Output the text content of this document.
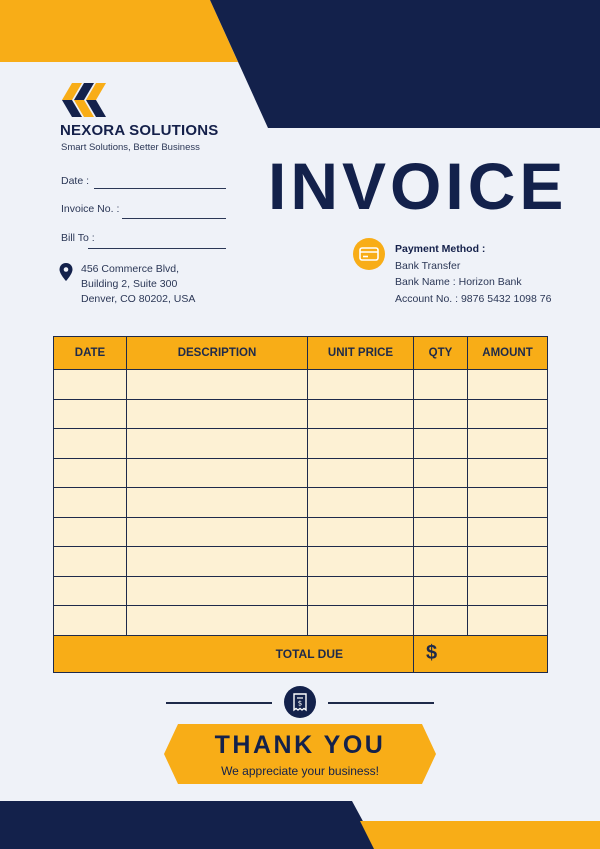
NEXORA SOLUTIONS
Smart Solutions, Better Business
Date :
Invoice No. :
Bill To :
456 Commerce Blvd,
Building 2, Suite 300
Denver, CO 80202, USA
INVOICE
Payment Method :
Bank Transfer
Bank Name : Horizon Bank
Account No. : 9876 5432 1098 76
DATE	DESCRIPTION	UNIT PRICE	QTY	AMOUNT

TOTAL DUE			$	
$
THANK YOU
We appreciate your business!
